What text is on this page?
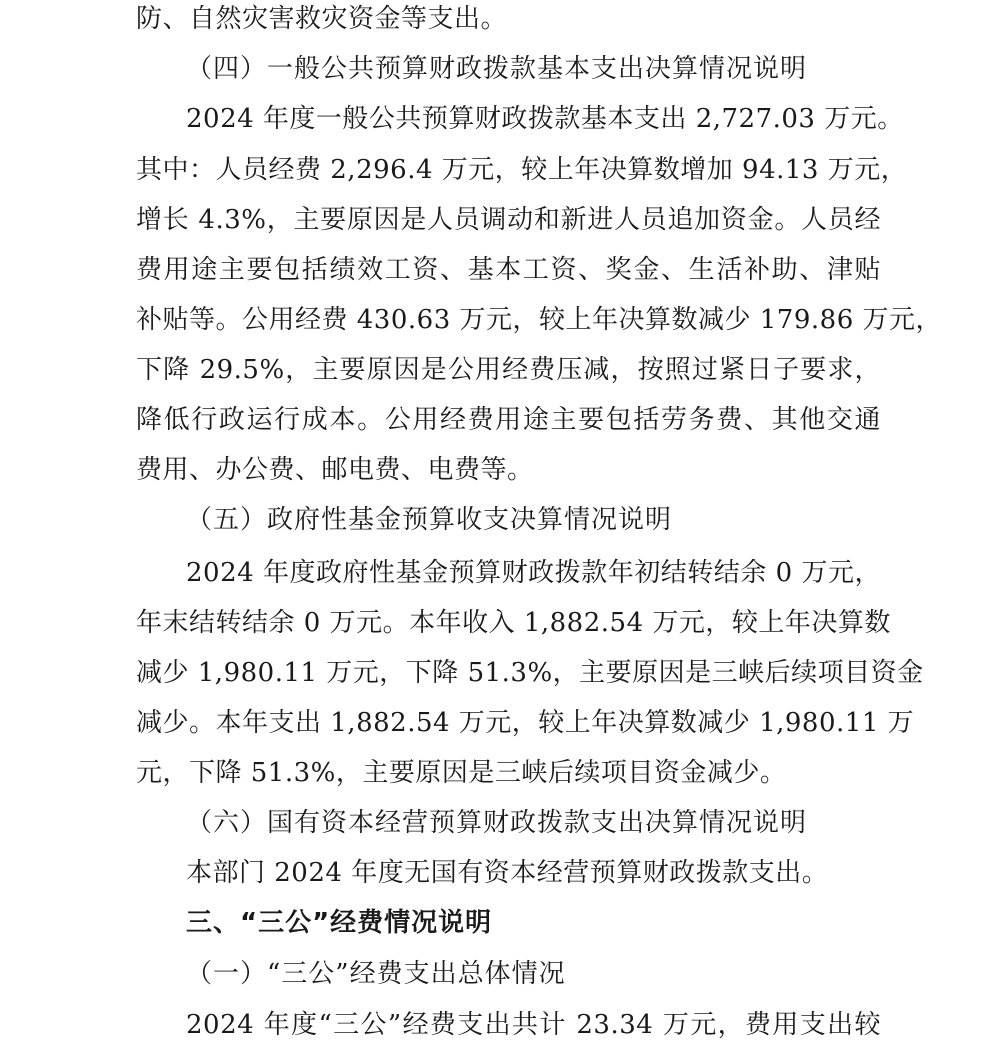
防、自然灾害救灾资金等支出。
（四）一般公共预算财政拨款基本支出决算情况说明
2024 年度一般公共预算财政拨款基本支出 2,727.03 万元。
其中：人员经费 2,296.4 万元，较上年决算数增加 94.13 万元，
增长 4.3%，主要原因是人员调动和新进人员追加资金。人员经
费用途主要包括绩效工资、基本工资、奖金、生活补助、津贴
补贴等。公用经费 430.63 万元，较上年决算数减少 179.86 万元，
下降 29.5%，主要原因是公用经费压减，按照过紧日子要求，
降低行政运行成本。公用经费用途主要包括劳务费、其他交通
费用、办公费、邮电费、电费等。
（五）政府性基金预算收支决算情况说明
2024 年度政府性基金预算财政拨款年初结转结余 0 万元，
年末结转结余 0 万元。本年收入 1,882.54 万元，较上年决算数
减少 1,980.11 万元，下降 51.3%，主要原因是三峡后续项目资金
减少。本年支出 1,882.54 万元，较上年决算数减少 1,980.11 万
元，下降 51.3%，主要原因是三峡后续项目资金减少。
（六）国有资本经营预算财政拨款支出决算情况说明
本部门 2024 年度无国有资本经营预算财政拨款支出。
三、“三公”经费情况说明
（一）“三公”经费支出总体情况
2024 年度“三公”经费支出共计 23.34 万元，费用支出较
